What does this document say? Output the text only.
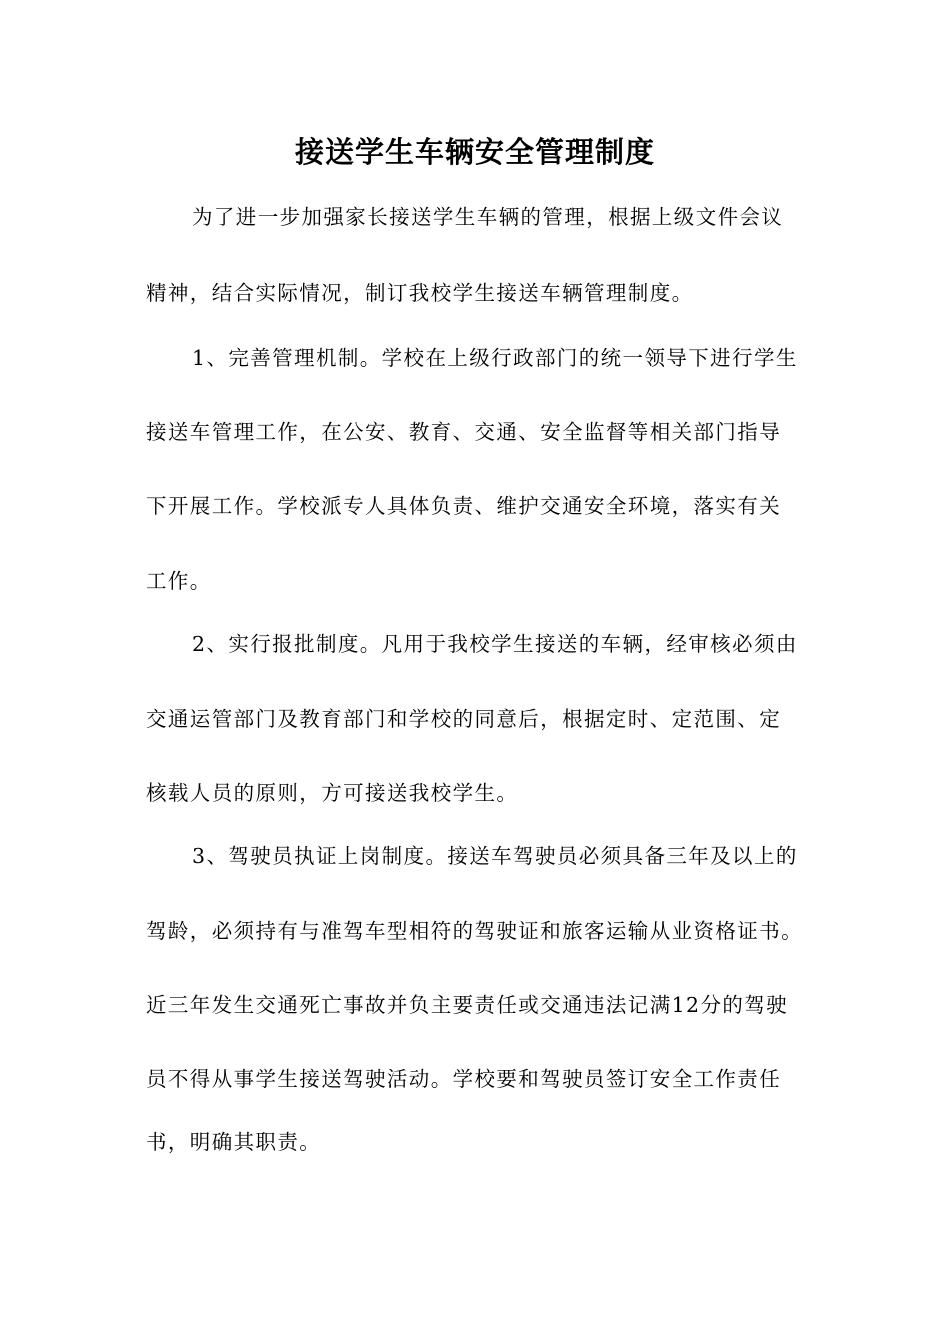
接送学生车辆安全管理制度
为了进一步加强家长接送学生车辆的管理，根据上级文件会议
精神，结合实际情况，制订我校学生接送车辆管理制度。
1、完善管理机制。学校在上级行政部门的统一领导下进行学生
接送车管理工作，在公安、教育、交通、安全监督等相关部门指导
下开展工作。学校派专人具体负责、维护交通安全环境，落实有关
工作。
2、实行报批制度。凡用于我校学生接送的车辆，经审核必须由
交通运管部门及教育部门和学校的同意后，根据定时、定范围、定
核载人员的原则，方可接送我校学生。
3、驾驶员执证上岗制度。接送车驾驶员必须具备三年及以上的
驾龄，必须持有与准驾车型相符的驾驶证和旅客运输从业资格证书。
近三年发生交通死亡事故并负主要责任或交通违法记满12分的驾驶
员不得从事学生接送驾驶活动。学校要和驾驶员签订安全工作责任
书，明确其职责。
